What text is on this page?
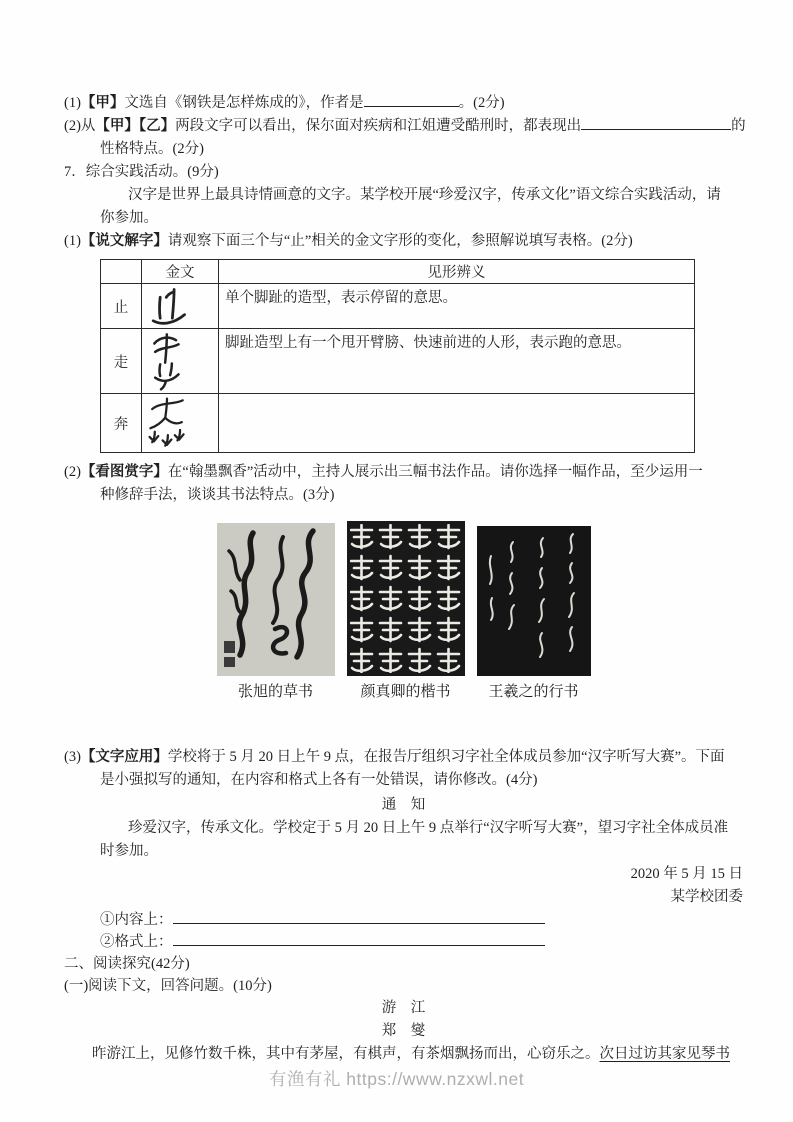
(1)【甲】文选自《钢铁是怎样炼成的》，作者是	。(2分)
(2)从【甲】【乙】两段文字可以看出，保尔面对疾病和江姐遭受酷刑时，都表现出	的
性格特点。(2分)
7．综合实践活动。(9分)
汉字是世界上最具诗情画意的文字。某学校开展“珍爱汉字，传承文化”语文综合实践活动，请
你参加。
(1)【说文解字】请观察下面三个与“止”相关的金文字形的变化，参照解说填写表格。(2分)
	金文	见形辨义
止		单个脚趾的造型，表示停留的意思。
走		脚趾造型上有一个甩开臂膀、快速前进的人形，表示跑的意思。
奔	

(2)【看图赏字】在“翰墨飘香”活动中，主持人展示出三幅书法作品。请你选择一幅作品，至少运用一
种修辞手法，谈谈其书法特点。(3分)
张旭的草书	颜真卿的楷书	王羲之的行书
(3)【文字应用】学校将于 5 月 20 日上午 9 点，在报告厅组织习字社全体成员参加“汉字听写大赛”。下面
是小强拟写的通知，在内容和格式上各有一处错误，请你修改。(4分)
通　知
珍爱汉字，传承文化。学校定于 5 月 20 日上午 9 点举行“汉字听写大赛”，望习字社全体成员准
时参加。
2020 年 5 月 15 日
某学校团委
①内容上：
②格式上：
二、阅读探究(42分)
(一)阅读下文，回答问题。(10分)
游　江
郑　燮
昨游江上，见修竹数千株，其中有茅屋，有棋声，有茶烟飘扬而出，心窃乐之。次日过访其家见琴书
有渔有礼 https://www.nzxwl.net
